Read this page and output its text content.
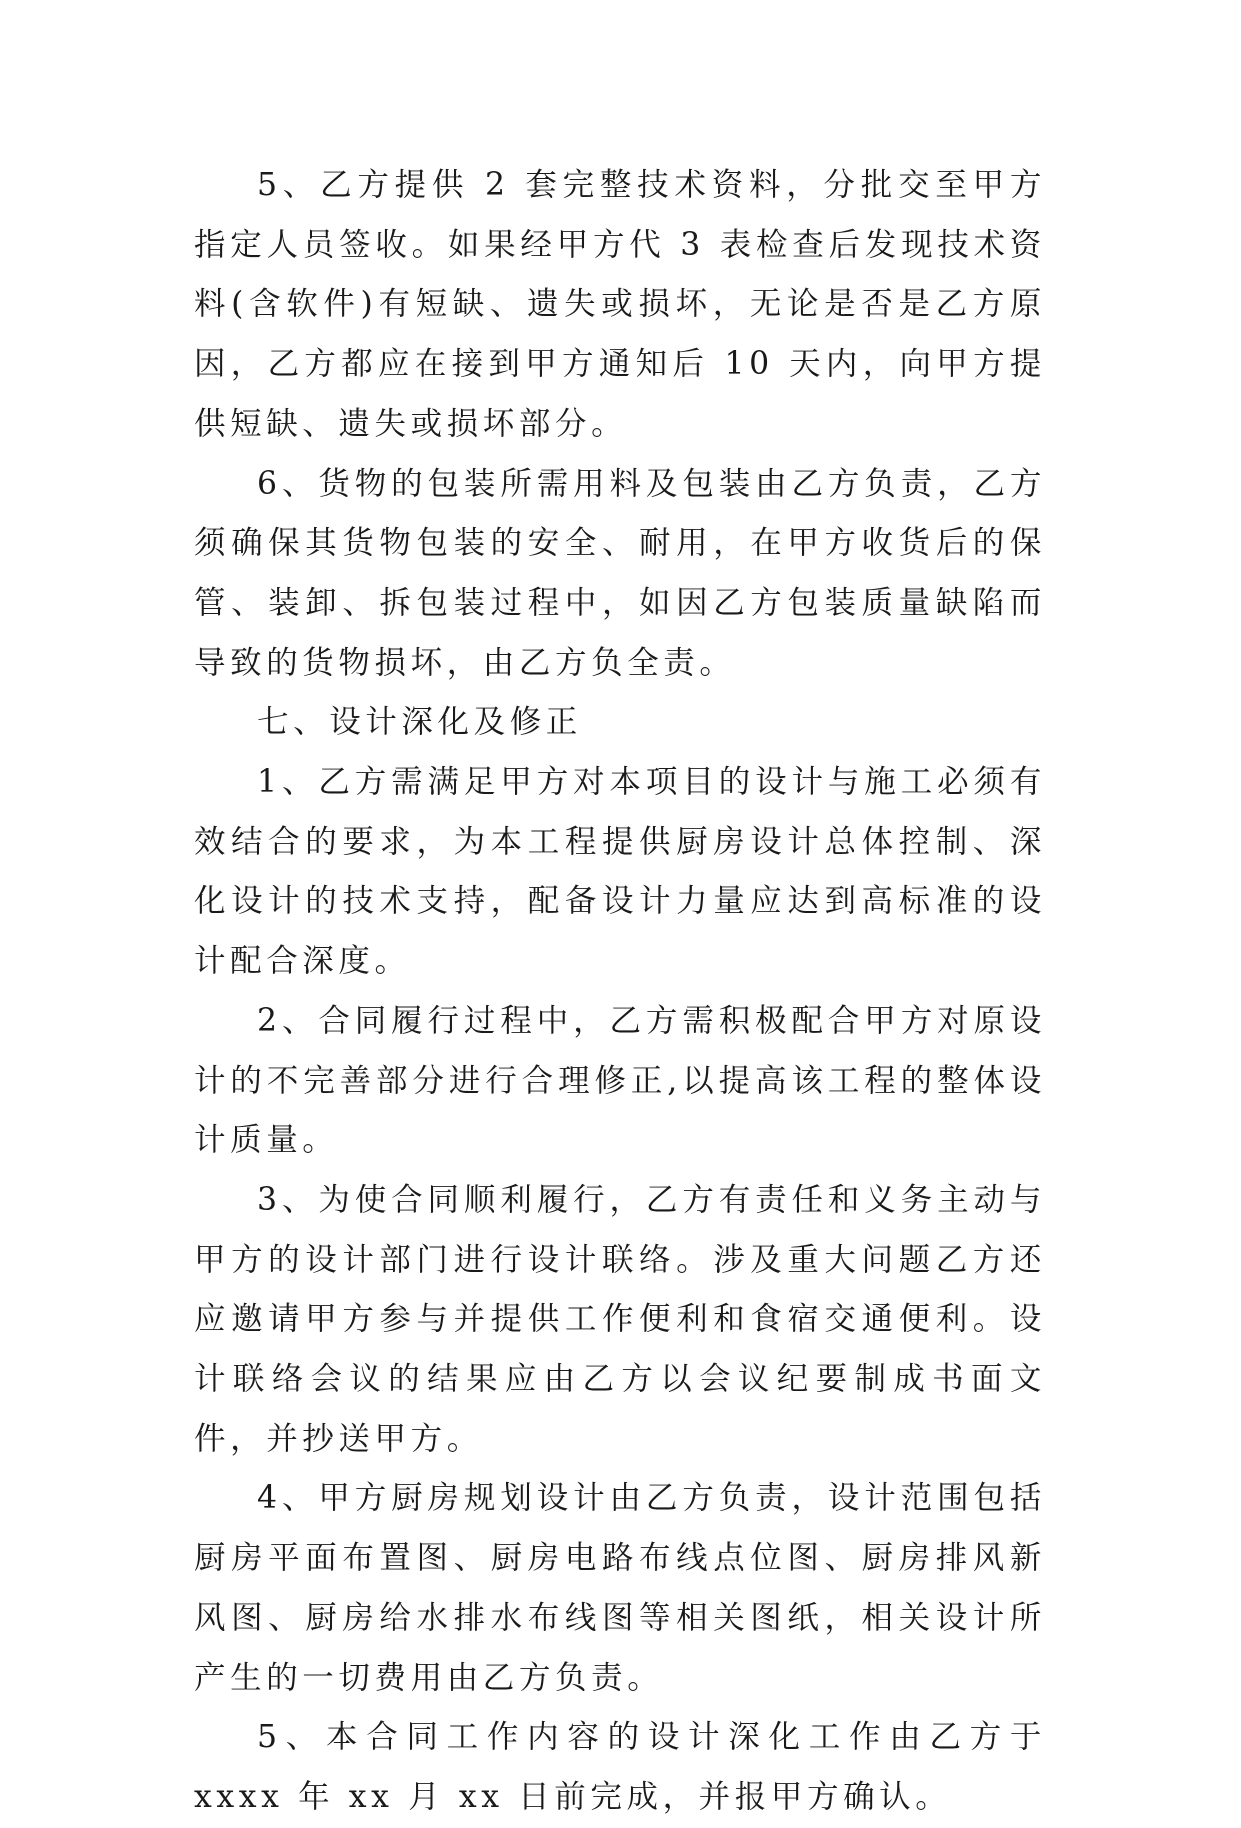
5、乙方提供 2 套完整技术资料，分批交至甲方指定人员签收。如果经甲方代 3 表检查后发现技术资料(含软件)有短缺、遗失或损坏，无论是否是乙方原因，乙方都应在接到甲方通知后 10 天内，向甲方提供短缺、遗失或损坏部分。

6、货物的包装所需用料及包装由乙方负责，乙方须确保其货物包装的安全、耐用，在甲方收货后的保管、装卸、拆包装过程中，如因乙方包装质量缺陷而导致的货物损坏，由乙方负全责。

七、设计深化及修正

1、乙方需满足甲方对本项目的设计与施工必须有效结合的要求，为本工程提供厨房设计总体控制、深化设计的技术支持，配备设计力量应达到高标准的设计配合深度。

2、合同履行过程中，乙方需积极配合甲方对原设计的不完善部分进行合理修正,以提高该工程的整体设计质量。

3、为使合同顺利履行，乙方有责任和义务主动与甲方的设计部门进行设计联络。涉及重大问题乙方还应邀请甲方参与并提供工作便利和食宿交通便利。设计联络会议的结果应由乙方以会议纪要制成书面文件，并抄送甲方。

4、甲方厨房规划设计由乙方负责，设计范围包括厨房平面布置图、厨房电路布线点位图、厨房排风新风图、厨房给水排水布线图等相关图纸，相关设计所产生的一切费用由乙方负责。

5、本合同工作内容的设计深化工作由乙方于 xxxx 年 xx 月 xx 日前完成，并报甲方确认。
